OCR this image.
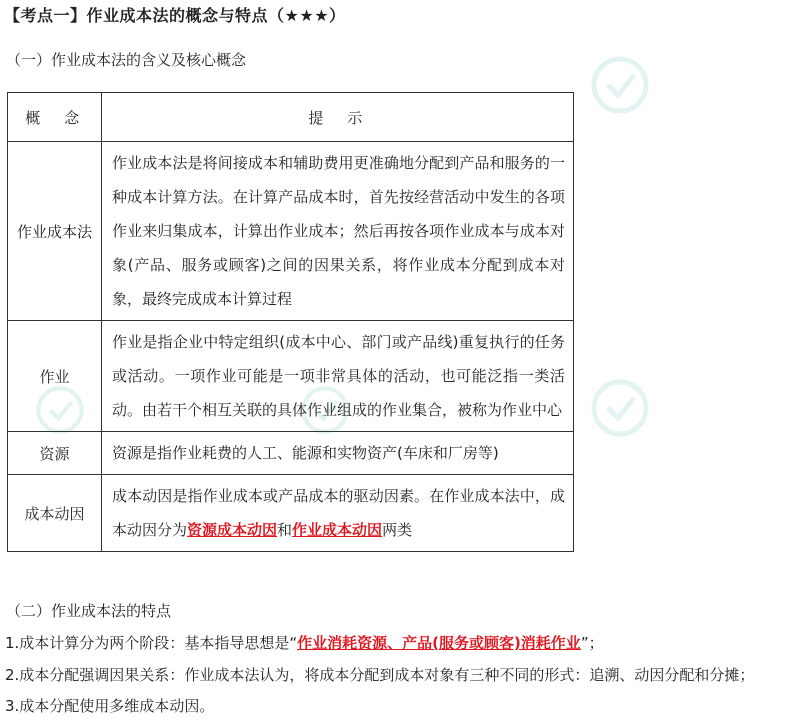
【考点一】作业成本法的概念与特点（★★★）
（一）作业成本法的含义及核心概念
概　念	提　示
作业成本法	作业成本法是将间接成本和辅助费用更准确地分配到产品和服务的一种成本计算方法。在计算产品成本时，首先按经营活动中发生的各项作业来归集成本，计算出作业成本；然后再按各项作业成本与成本对象(产品、服务或顾客)之间的因果关系，将作业成本分配到成本对象，最终完成成本计算过程
作业	作业是指企业中特定组织(成本中心、部门或产品线)重复执行的任务或活动。一项作业可能是一项非常具体的活动，也可能泛指一类活动。由若干个相互关联的具体作业组成的作业集合，被称为作业中心
资源	资源是指作业耗费的人工、能源和实物资产(车床和厂房等)
成本动因	成本动因是指作业成本或产品成本的驱动因素。在作业成本法中，成本动因分为资源成本动因和作业成本动因两类
（二）作业成本法的特点
1.成本计算分为两个阶段：基本指导思想是“作业消耗资源、产品(服务或顾客)消耗作业”；
2.成本分配强调因果关系：作业成本法认为，将成本分配到成本对象有三种不同的形式：追溯、动因分配和分摊；
3.成本分配使用多维成本动因。
